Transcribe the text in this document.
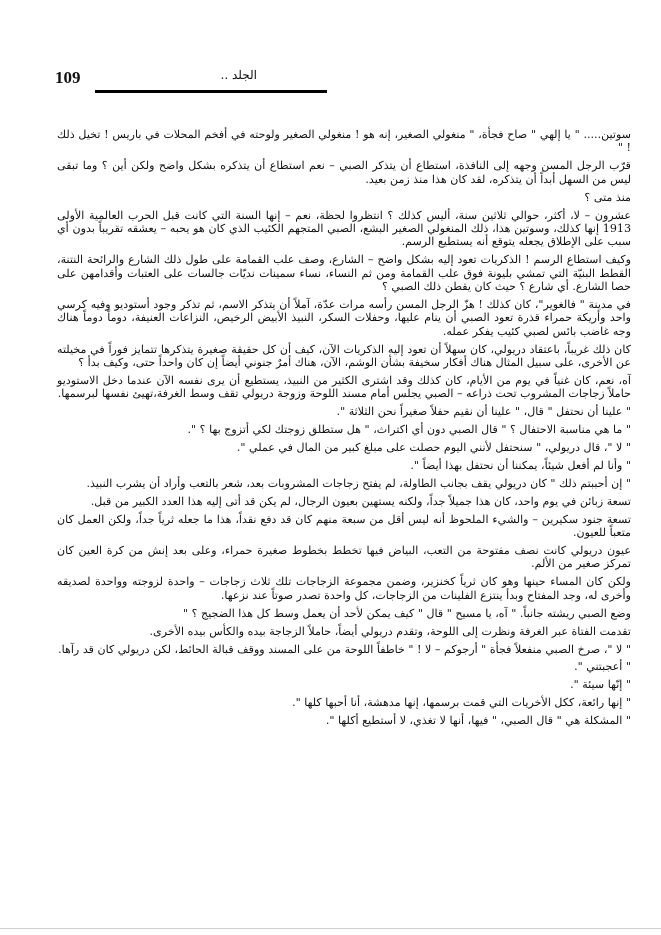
109	الجلد ..

سوتين..... " يا إلهي " صاح فجأة، " منغولي الصغير، إنه هو ! منغولي الصغير ولوحته في أفخم المحلات في باريس ! تخيل ذلك ! "

قرّب الرجل المسن وجهه إلى النافذة، استطاع أن يتذكر الصبي – نعم استطاع أن يتذكره بشكل واضح ولكن أين ؟ وما تبقى ليس من السهل أبداً أن يتذكره، لقد كان هذا منذ زمن بعيد.

منذ متى ؟

عشرون – لا، أكثر، حوالي ثلاثين سنة، أليس كذلك ؟ انتظروا لحظة، نعم – إنها السنة التي كانت قبل الحرب العالمية الأولى 1913 إنها كذلك، وسوتين هذا، ذلك المنغولي الصغير البشع، الصبي المتجهم الكئيب الذي كان هو يحبه – يعشقه تقريباً بدون أي سبب على الإطلاق يجعله يتوقع أنه يستطيع الرسم.

وكيف استطاع الرسم ! الذكريات تعود إليه بشكل واضح – الشارع، وصف علب القمامة على طول ذلك الشارع والرائحة النتنة، القطط البنيّة التي تمشي بليونة فوق علب القمامة ومن ثم النساء، نساء سمينات نديّات جالسات على العتبات وأقدامهن على حصا الشارع. أي شارع ؟ حيث كان يقطن ذلك الصبي ؟

في مدينة " فالغوير"، كان كذلك ! هزّ الرجل المسن رأسه مرات عدّة، آملاً أن يتذكر الاسم، ثم تذكر وجود أستوديو وفيه كرسي واحد وأريكة حمراء قذرة تعود الصبي أن ينام عليها، وحفلات السكر، النبيذ الأبيض الرخيص، النزاعات العنيفة، دوماً دوماً هناك وجه غاضب بائس لصبي كئيب يفكر عمله.

كان ذلك غريباً، باعتقاد دريولي، كان سهلاً أن تعود إليه الذكريات الآن، كيف أن كل حقيقة صغيرة يتذكرها تتمايز فوراً في مخيلته عن الأخرى، على سبيل المثال هناك أفكار سخيفة بشأن الوشم، الآن، هناك أمرٌ جنوني أيضاً إن كان واحداً حتى، وكيف بدأ ؟

آه، نعم، كان غنياً في يوم من الأيام، كان كذلك وقد اشترى الكثير من النبيذ، يستطيع أن يرى نفسه الآن عندما دخل الاستوديو حاملاً زجاجات المشروب تحت ذراعه – الصبي يجلس أمام مسند اللوحة وزوجة دريولي تقف وسط الغرفة،تهيئ نفسها لبرسمها.

" علينا أن نحتفل " قال، " علينا أن نقيم حفلاً صغيراً نحن الثلاثة ".

" ما هي مناسبة الاحتفال ؟ " قال الصبي دون أي اكتراث، " هل ستطلق زوجتك لكي أتزوج بها ؟ ".

" لا "، قال دريولي، " سنحتفل لأنني اليوم حصلت على مبلغ كبير من المال في عملي ".

" وأنا لم أفعل شيئاً، يمكننا أن نحتفل بهذا أيضاً ".

" إن أحببتم ذلك " كان دريولي يقف بجانب الطاولة، لم يفتح زجاجات المشروبات بعد، شعر بالتعب وأراد أن يشرب النبيذ.

تسعة زبائن في يوم واحد، كان هذا جميلاً جداً، ولكنه يستهين بعيون الرجال، لم يكن قد أتى إليه هذا العدد الكبير من قبل.

تسعة جنود سكيرين – والشيء الملحوظ أنه ليس أقل من سبعة منهم كان قد دفع نقداً، هذا ما جعله ثرياً جداً، ولكن العمل كان متعباً للعيون.

عيون دريولي كانت نصف مفتوحة من التعب، البياض فيها تخطط بخطوط صغيرة حمراء، وعلى بعد إنش من كرة العين كان تمركز صغير من الألم.

ولكن كان المساء حينها وهو كان ثرياً كخنزير، وضمن مجموعة الزجاجات تلك ثلاث زجاجات – واحدة لزوجته وواحدة لصديقه وأخرى له، وجد المفتاح وبدأ ينتزع الفلينات من الزجاجات، كل واحدة تصدر صوتاً عند نزعها.

وضع الصبي ريشته جانباً. " آه، يا مسيح " قال " كيف يمكن لأحد أن يعمل وسط كل هذا الضجيج ؟ "

تقدمت الفتاة عبر الغرفة ونظرت إلى اللوحة، وتقدم دريولي أيضاً، حاملاً الزجاجة بيده والكأس بيده الأخرى.

" لا "، صرخ الصبي منفعلاً فجأة " أرجوكم – لا ! " خاطفاً اللوحة من على المسند ووقف قبالة الحائط، لكن دريولي كان قد رآها.

" أعجبتني ".

" إنّها سيئة ".

" إنها رائعة، ككل الأخريات التي قمت برسمها، إنها مدهشة، أنا أحبها كلها ".

" المشكلة هي " قال الصبي، " فيها، أنها لا تغذي، لا أستطيع أكلها ".
